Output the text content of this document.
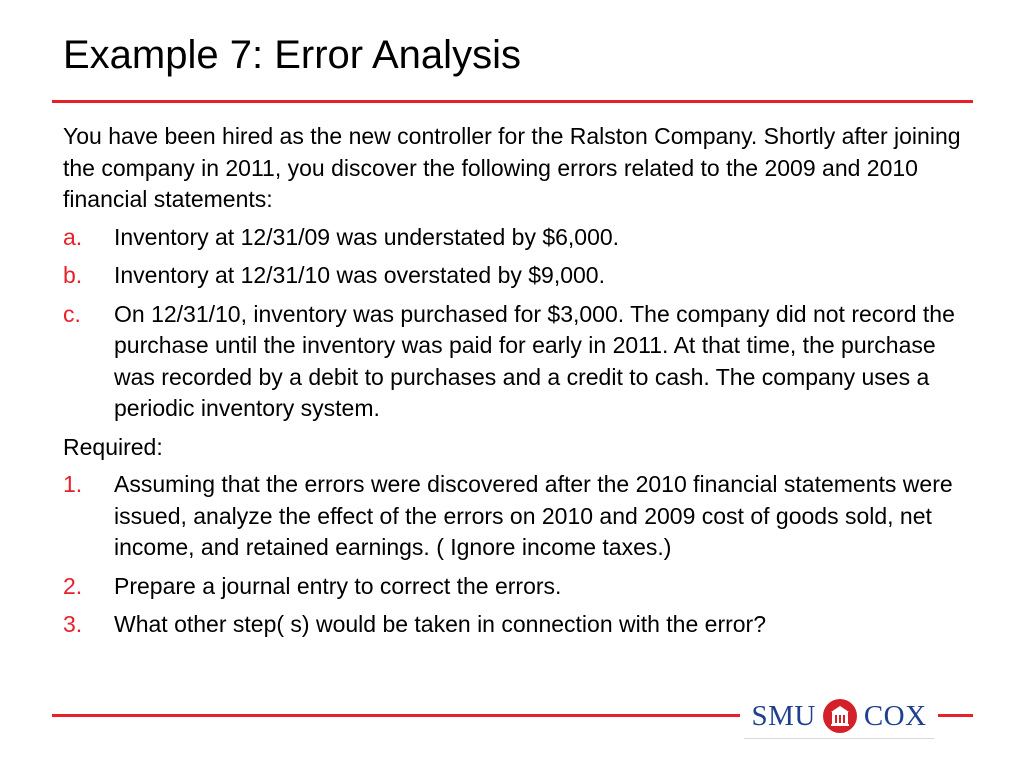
Example 7: Error Analysis

You have been hired as the new controller for the Ralston Company. Shortly after joining the company in 2011, you discover the following errors related to the 2009 and 2010 financial statements:

a.	Inventory at 12/31/09 was understated by $6,000.
b.	Inventory at 12/31/10 was overstated by $9,000.
c.	On 12/31/10, inventory was purchased for $3,000. The company did not record the purchase until the inventory was paid for early in 2011. At that time, the purchase was recorded by a debit to purchases and a credit to cash. The company uses a periodic inventory system.

Required:

1.	Assuming that the errors were discovered after the 2010 financial statements were issued, analyze the effect of the errors on 2010 and 2009 cost of goods sold, net income, and retained earnings. ( Ignore income taxes.)
2.	Prepare a journal entry to correct the errors.
3.	What other step( s) would be taken in connection with the error?
SMU COX
